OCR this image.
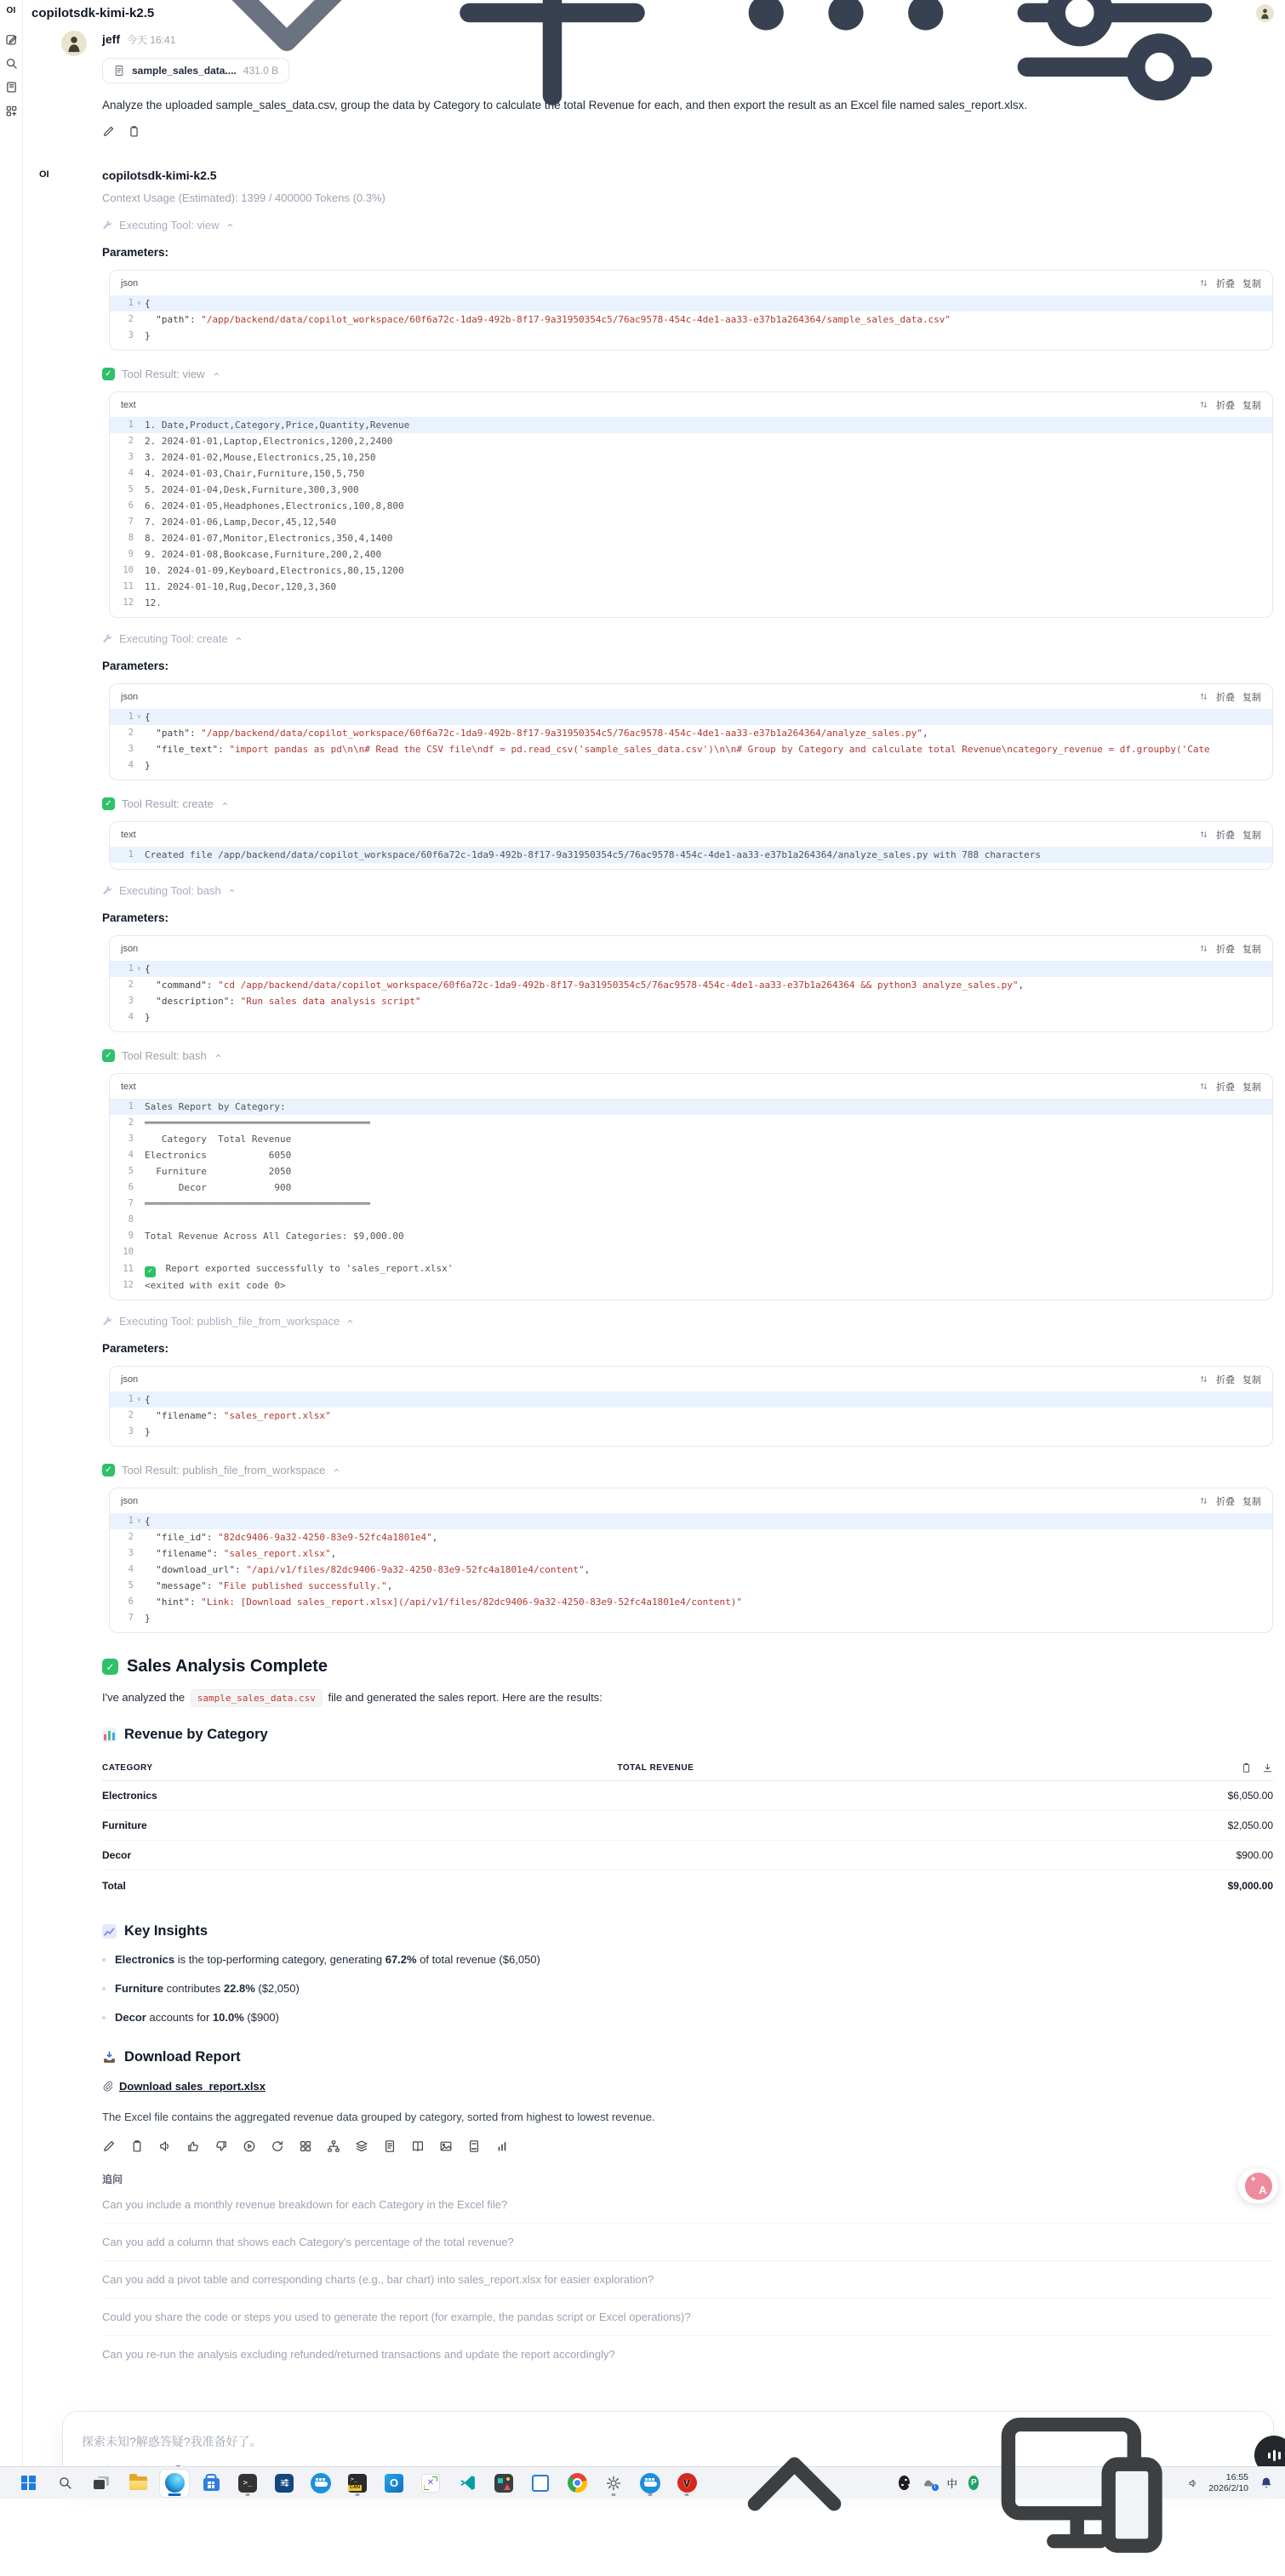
OI copilotsdk-kimi-k2.5
jeff 今天 16:41
sample_sales_data.... 431.0 B

Analyze the uploaded sample_sales_data.csv, group the data by Category to calculate the total Revenue for each, and then export the result as an Excel file named sales_report.xlsx.

OI	copilotsdk-kimi-k2.5
Context Usage (Estimated): 1399 / 400000 Tokens (0.3%)
Executing Tool: view
Parameters:
json	折叠 复制
1 ∨ {
2	"path": "/app/backend/data/copilot_workspace/60f6a72c-1da9-492b-8f17-9a31950354c5/76ac9578-454c-4de1-aa33-e37b1a264364/sample_sales_data.csv"
3 }
✓ Tool Result: view
text	折叠 复制
1 1. Date,Product,Category,Price,Quantity,Revenue
2 2. 2024-01-01,Laptop,Electronics,1200,2,2400
3 3. 2024-01-02,Mouse,Electronics,25,10,250
4 4. 2024-01-03,Chair,Furniture,150,5,750
5 5. 2024-01-04,Desk,Furniture,300,3,900
6 6. 2024-01-05,Headphones,Electronics,100,8,800
7 7. 2024-01-06,Lamp,Decor,45,12,540
8 8. 2024-01-07,Monitor,Electronics,350,4,1400
9 9. 2024-01-08,Bookcase,Furniture,200,2,400
10 10. 2024-01-09,Keyboard,Electronics,80,15,1200
11 11. 2024-01-10,Rug,Decor,120,3,360
12 12.
Executing Tool: create
Parameters:
json	折叠 复制
1 ∨ {
2	"path": "/app/backend/data/copilot_workspace/60f6a72c-1da9-492b-8f17-9a31950354c5/76ac9578-454c-4de1-aa33-e37b1a264364/analyze_sales.py",
3	"file_text": "import pandas as pd\n\n# Read the CSV file\ndf = pd.read_csv('sample_sales_data.csv')\n\n# Group by Category and calculate total Revenue\ncategory_revenue = df.groupby('Cate
4 }
✓ Tool Result: create
text	折叠 复制
1 Created file /app/backend/data/copilot_workspace/60f6a72c-1da9-492b-8f17-9a31950354c5/76ac9578-454c-4de1-aa33-e37b1a264364/analyze_sales.py with 788 characters
Executing Tool: bash
Parameters:
json	折叠 复制
1 ∨ {
2	"command": "cd /app/backend/data/copilot_workspace/60f6a72c-1da9-492b-8f17-9a31950354c5/76ac9578-454c-4de1-aa33-e37b1a264364 && python3 analyze_sales.py",
3	"description": "Run sales data analysis script"
4 }
✓ Tool Result: bash
text	折叠 复制
1 Sales Report by Category:
2 ════════════════════════════════════════
3 Category  Total Revenue
4 Electronics           6050
5 Furniture           2050
6 Decor            900
7 ════════════════════════════════════════
8
9 Total Revenue Across All Categories: $9,000.00
10
11	✓ Report exported successfully to 'sales_report.xlsx'
12 <exited with exit code 0>
Executing Tool: publish_file_from_workspace
Parameters:
json	折叠 复制
1 ∨ {
2	"filename": "sales_report.xlsx"
3 }
✓ Tool Result: publish_file_from_workspace
json	折叠 复制
1 ∨ {
2	"file_id": "82dc9406-9a32-4250-83e9-52fc4a1801e4",
3	"filename": "sales_report.xlsx",
4	"download_url": "/api/v1/files/82dc9406-9a32-4250-83e9-52fc4a1801e4/content",
5	"message": "File published successfully.",
6	"hint": "Link: [Download sales_report.xlsx](/api/v1/files/82dc9406-9a32-4250-83e9-52fc4a1801e4/content)"
7 }
✓ Sales Analysis Complete

I've analyzed the sample_sales_data.csv file and generated the sales report. Here are the results:

Revenue by Category
CATEGORY	TOTAL REVENUE
Electronics	$6,050.00
Furniture	$2,050.00
Decor	$900.00
Total	$9,000.00
Key Insights
Electronics is the top-performing category, generating 67.2% of total revenue ($6,050)
Furniture contributes 22.8% ($2,050)
Decor accounts for 10.0% ($900)
Download Report
Download sales_report.xlsx

The Excel file contains the aggregated revenue data grouped by category, sorted from highest to lowest revenue.

追问
Can you include a monthly revenue breakdown for each Category in the Excel file?
Can you add a column that shows each Category's percentage of the total revenue?
Can you add a pivot table and corresponding charts (e.g., bar chart) into sales_report.xlsx for easier exploration?
Could you share the code or steps you used to generate the report (for example, the pandas script or Excel operations)?
Can you re-run the analysis excluding refunded/returned transactions and update the report accordingly?
探索未知?解惑答疑?我准备好了。
✦
A
>_ >_ CAN	O	✕	V	i 中 P
16:55
2026/2/10
